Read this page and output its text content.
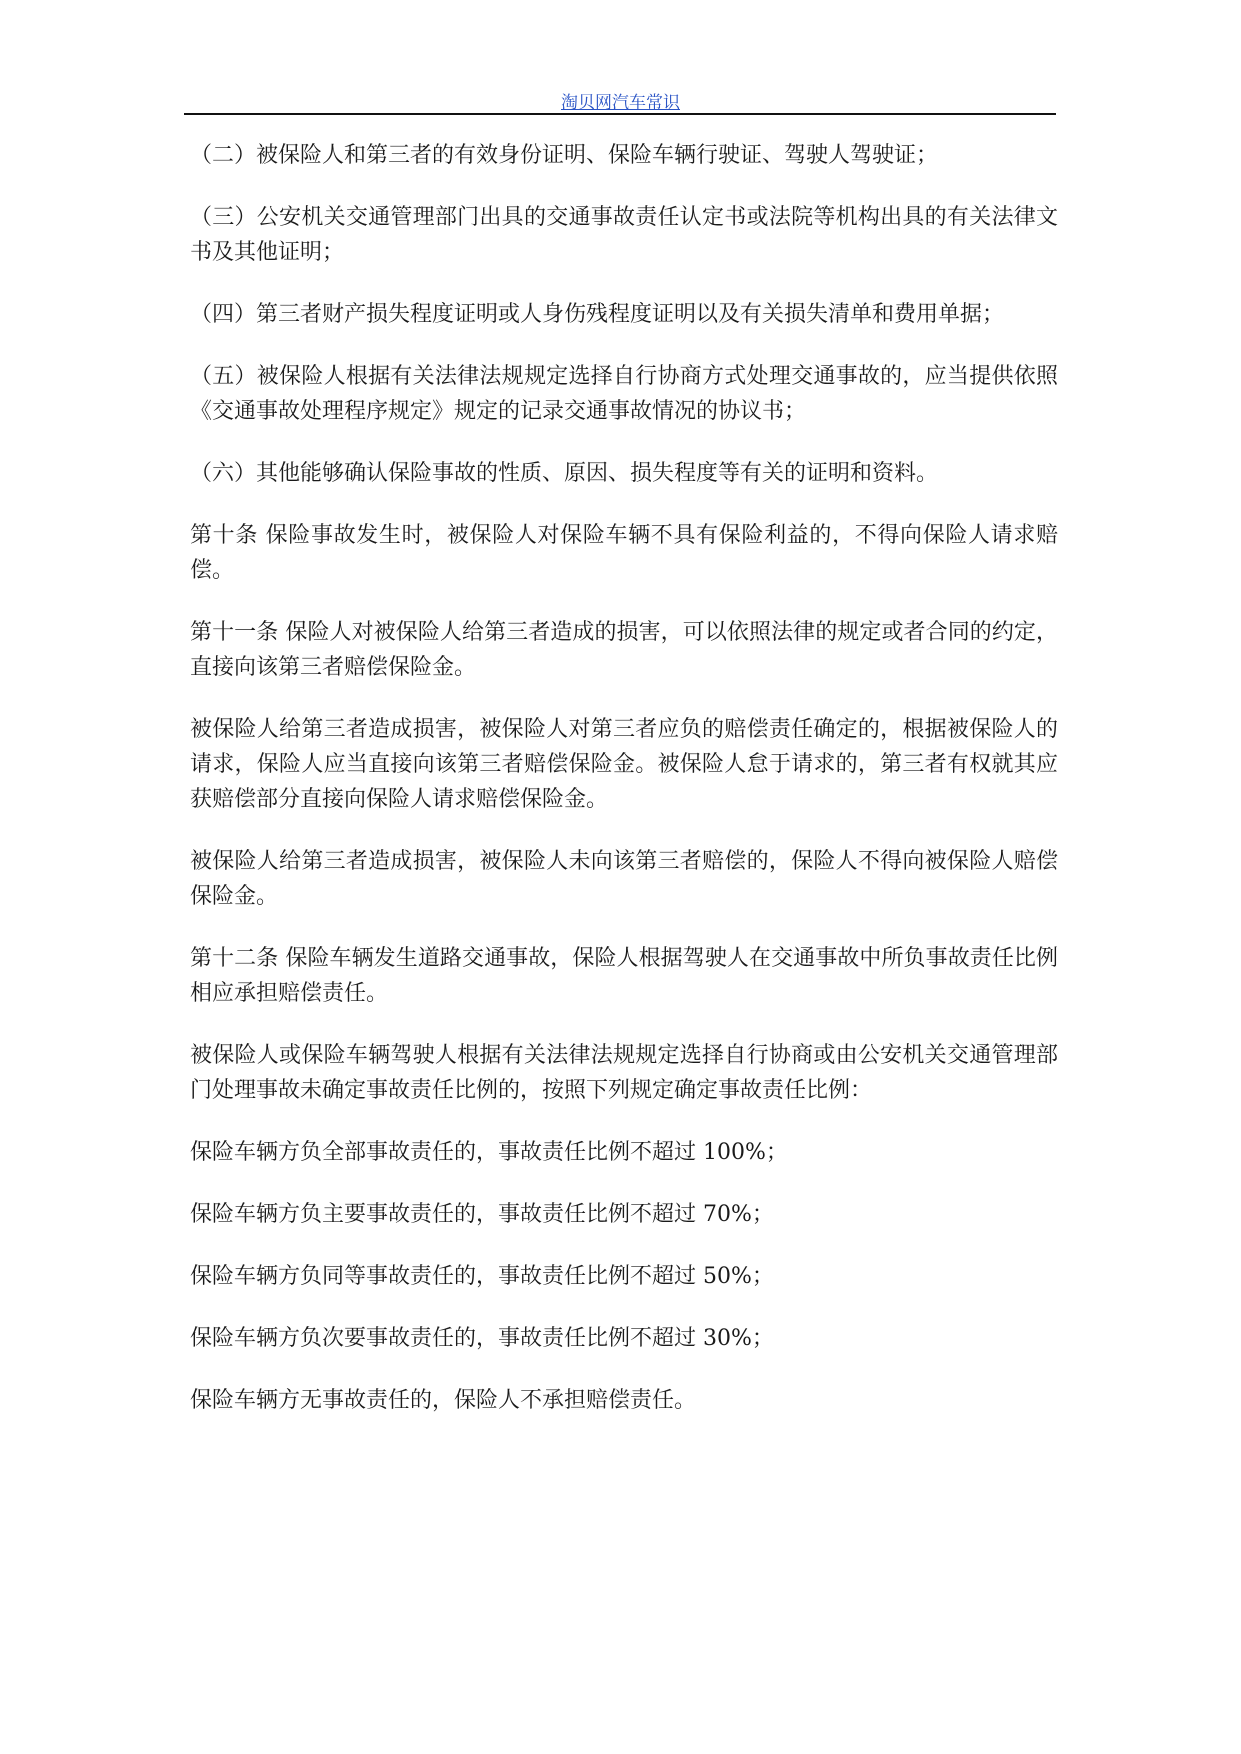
淘贝网汽车常识

（二）被保险人和第三者的有效身份证明、保险车辆行驶证、驾驶人驾驶证；

（三）公安机关交通管理部门出具的交通事故责任认定书或法院等机构出具的有关法律文书及其他证明；

（四）第三者财产损失程度证明或人身伤残程度证明以及有关损失清单和费用单据；

（五）被保险人根据有关法律法规规定选择自行协商方式处理交通事故的，应当提供依照《交通事故处理程序规定》规定的记录交通事故情况的协议书；

（六）其他能够确认保险事故的性质、原因、损失程度等有关的证明和资料。

第十条 保险事故发生时，被保险人对保险车辆不具有保险利益的，不得向保险人请求赔偿。

第十一条 保险人对被保险人给第三者造成的损害，可以依照法律的规定或者合同的约定，直接向该第三者赔偿保险金。

被保险人给第三者造成损害，被保险人对第三者应负的赔偿责任确定的，根据被保险人的请求，保险人应当直接向该第三者赔偿保险金。被保险人怠于请求的，第三者有权就其应获赔偿部分直接向保险人请求赔偿保险金。

被保险人给第三者造成损害，被保险人未向该第三者赔偿的，保险人不得向被保险人赔偿保险金。

第十二条 保险车辆发生道路交通事故，保险人根据驾驶人在交通事故中所负事故责任比例相应承担赔偿责任。

被保险人或保险车辆驾驶人根据有关法律法规规定选择自行协商或由公安机关交通管理部门处理事故未确定事故责任比例的，按照下列规定确定事故责任比例：

保险车辆方负全部事故责任的，事故责任比例不超过 100%；

保险车辆方负主要事故责任的，事故责任比例不超过 70%；

保险车辆方负同等事故责任的，事故责任比例不超过 50%；

保险车辆方负次要事故责任的，事故责任比例不超过 30%；

保险车辆方无事故责任的，保险人不承担赔偿责任。
